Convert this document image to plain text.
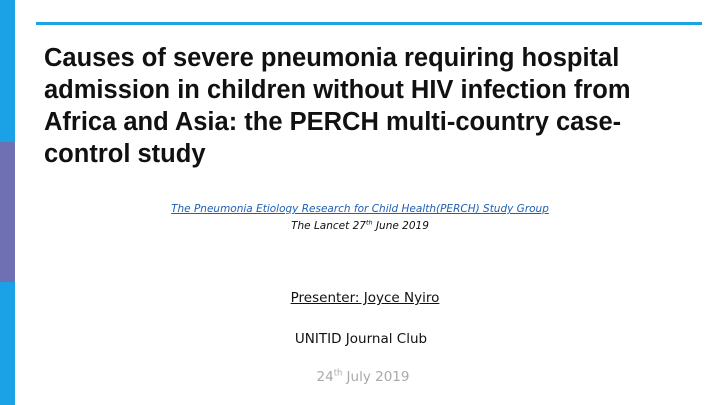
Causes of severe pneumonia requiring hospital admission in children without HIV infection from Africa and Asia: the PERCH multi-country case-control study
The Pneumonia Etiology Research for Child Health(PERCH) Study Group
The Lancet 27th June 2019
Presenter: Joyce Nyiro
UNITID Journal Club
24th July 2019
